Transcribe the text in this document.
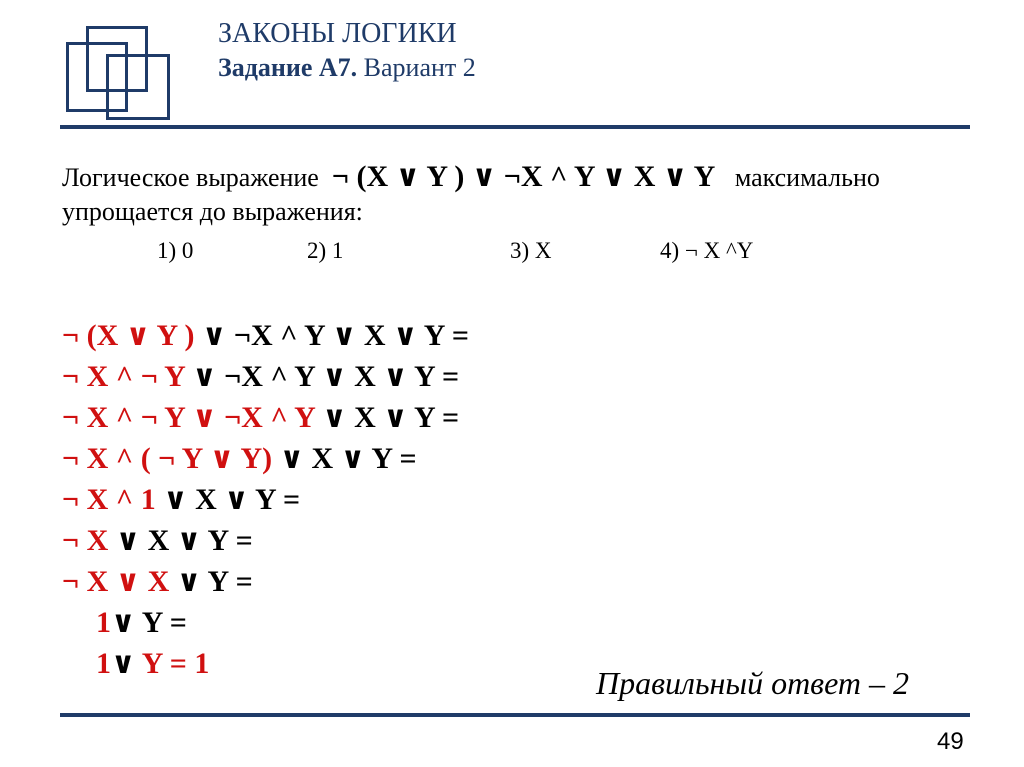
ЗАКОНЫ ЛОГИКИ
Задание А7. Вариант 2
Логическое выражение ¬ (X ∨ Y ) ∨ ¬X ^ Y ∨ X ∨ Y максимально
упрощается до выражения:
1) 0	2) 1	3) X	4) ¬ X ^Y
¬ (X ∨ Y ) ∨ ¬X ^ Y ∨ X ∨ Y =
¬ X ^ ¬ Y ∨ ¬X ^ Y ∨ X ∨ Y =
¬ X ^ ¬ Y ∨ ¬X ^ Y ∨ X ∨ Y =
¬ X ^ ( ¬ Y ∨ Y) ∨ X ∨ Y =
¬ X ^ 1 ∨ X ∨ Y =
¬ X ∨ X ∨ Y =
¬ X ∨ X ∨ Y =
1∨ Y =
1∨ Y = 1
Правильный ответ – 2
49
